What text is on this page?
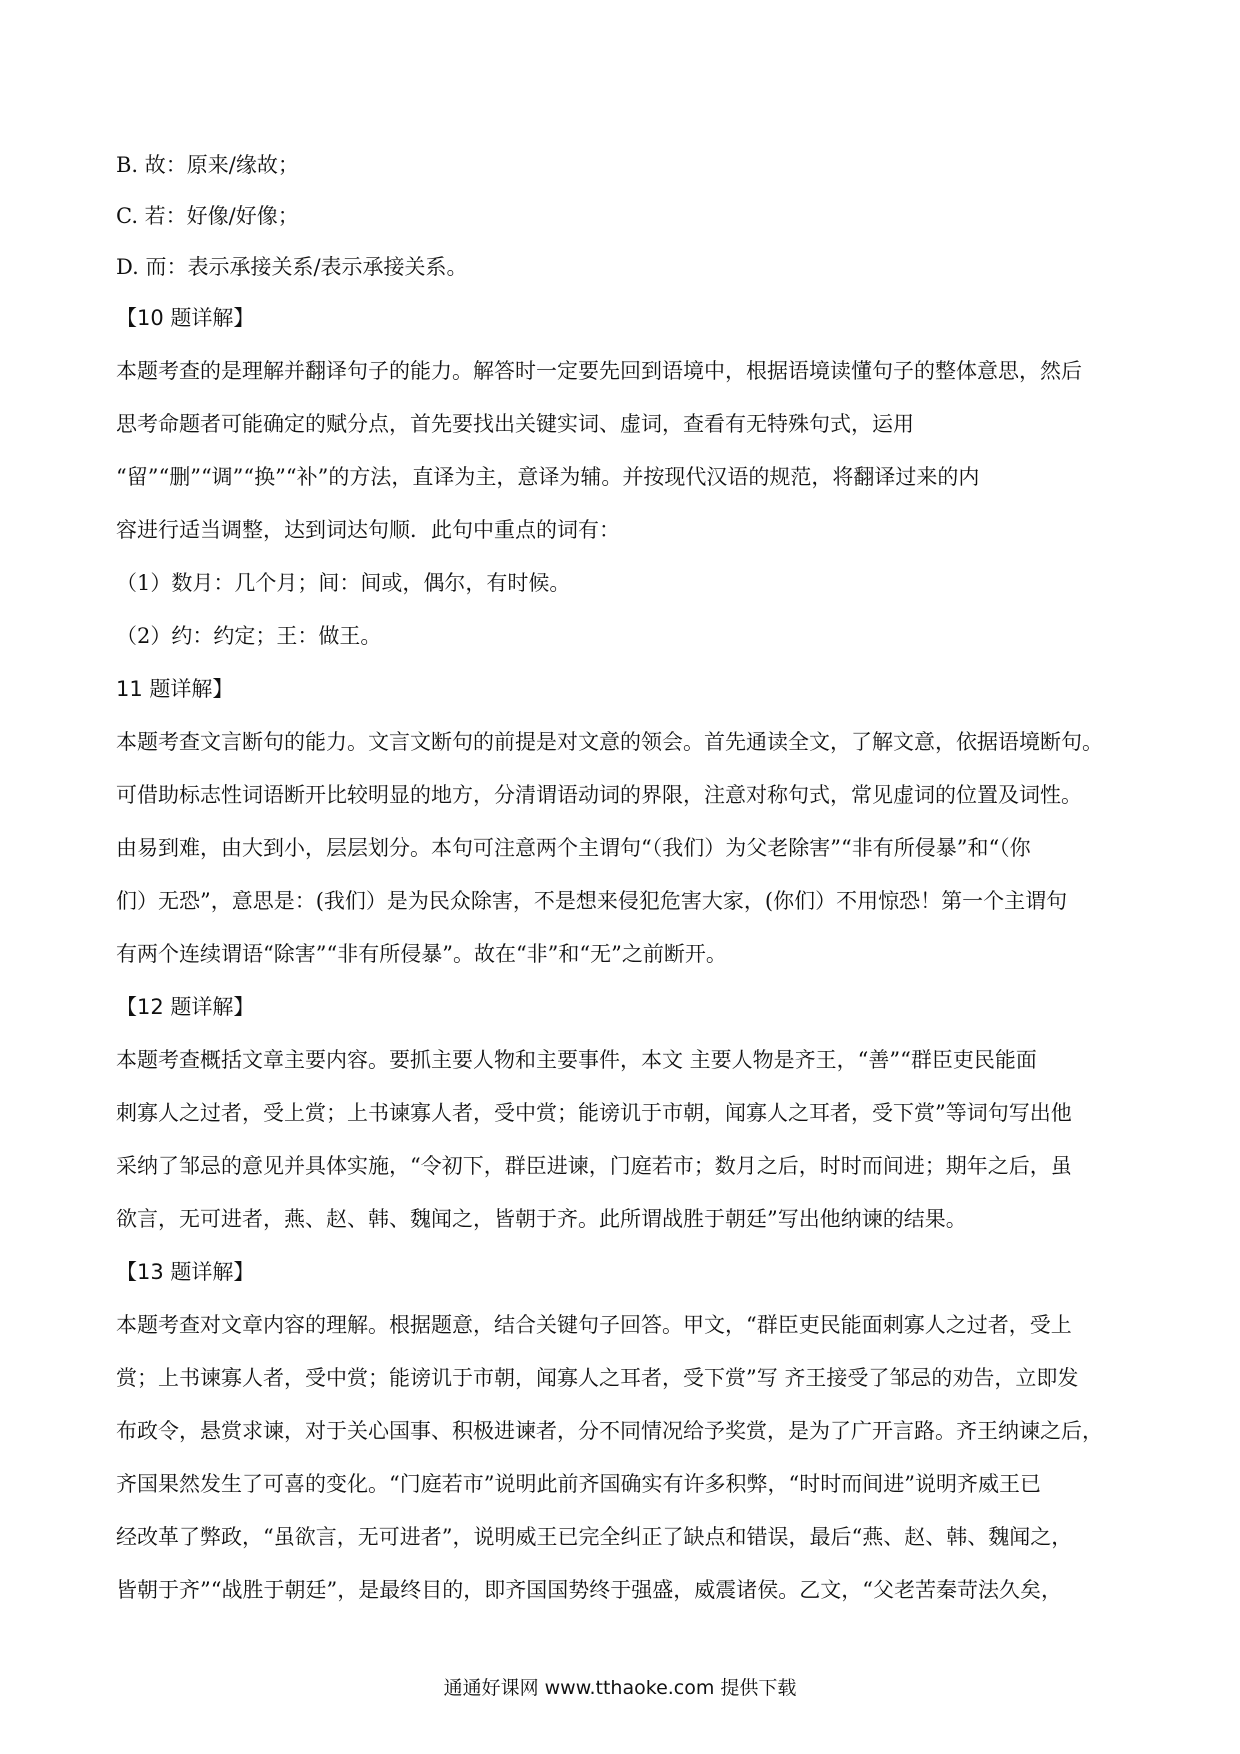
B. 故：原来/缘故；
C. 若：好像/好像；
D. 而：表示承接关系/表示承接关系。
【10 题详解】
本题考查的是理解并翻译句子的能力。解答时一定要先回到语境中，根据语境读懂句子的整体意思，然后
思考命题者可能确定的赋分点，首先要找出关键实词、虚词，查看有无特殊句式，运用
“留”“删”“调”“换”“补”的方法，直译为主，意译为辅。并按现代汉语的规范，将翻译过来的内
容进行适当调整，达到词达句顺．此句中重点的词有：
（1）数月：几个月；间：间或，偶尔，有时候。
（2）约：约定；王：做王。
11 题详解】
本题考查文言断句的能力。文言文断句的前提是对文意的领会。首先通读全文，了解文意，依据语境断句。
可借助标志性词语断开比较明显的地方，分清谓语动词的界限，注意对称句式，常见虚词的位置及词性。
由易到难，由大到小，层层划分。本句可注意两个主谓句“（我们）为父老除害”“非有所侵暴”和“（你
们）无恐”，意思是：(我们）是为民众除害，不是想来侵犯危害大家，(你们）不用惊恐！第一个主谓句
有两个连续谓语“除害”“非有所侵暴”。故在“非”和“无”之前断开。
【12 题详解】
本题考查概括文章主要内容。要抓主要人物和主要事件，本文 主要人物是齐王，“善”“群臣吏民能面
刺寡人之过者，受上赏；上书谏寡人者，受中赏；能谤讥于市朝，闻寡人之耳者，受下赏”等词句写出他
采纳了邹忌的意见并具体实施，“令初下，群臣进谏，门庭若市；数月之后，时时而间进；期年之后，虽
欲言，无可进者，燕、赵、韩、魏闻之，皆朝于齐。此所谓战胜于朝廷”写出他纳谏的结果。
【13 题详解】
本题考查对文章内容的理解。根据题意，结合关键句子回答。甲文，“群臣吏民能面刺寡人之过者，受上
赏；上书谏寡人者，受中赏；能谤讥于市朝，闻寡人之耳者，受下赏”写 齐王接受了邹忌的劝告，立即发
布政令，悬赏求谏，对于关心国事、积极进谏者，分不同情况给予奖赏，是为了广开言路。齐王纳谏之后，
齐国果然发生了可喜的变化。“门庭若市”说明此前齐国确实有许多积弊，“时时而间进”说明齐威王已
经改革了弊政，“虽欲言，无可进者”，说明威王已完全纠正了缺点和错误，最后“燕、赵、韩、魏闻之，
皆朝于齐”“战胜于朝廷”，是最终目的，即齐国国势终于强盛，威震诸侯。乙文，“父老苦秦苛法久矣，
通通好课网 www.tthaoke.com 提供下载
